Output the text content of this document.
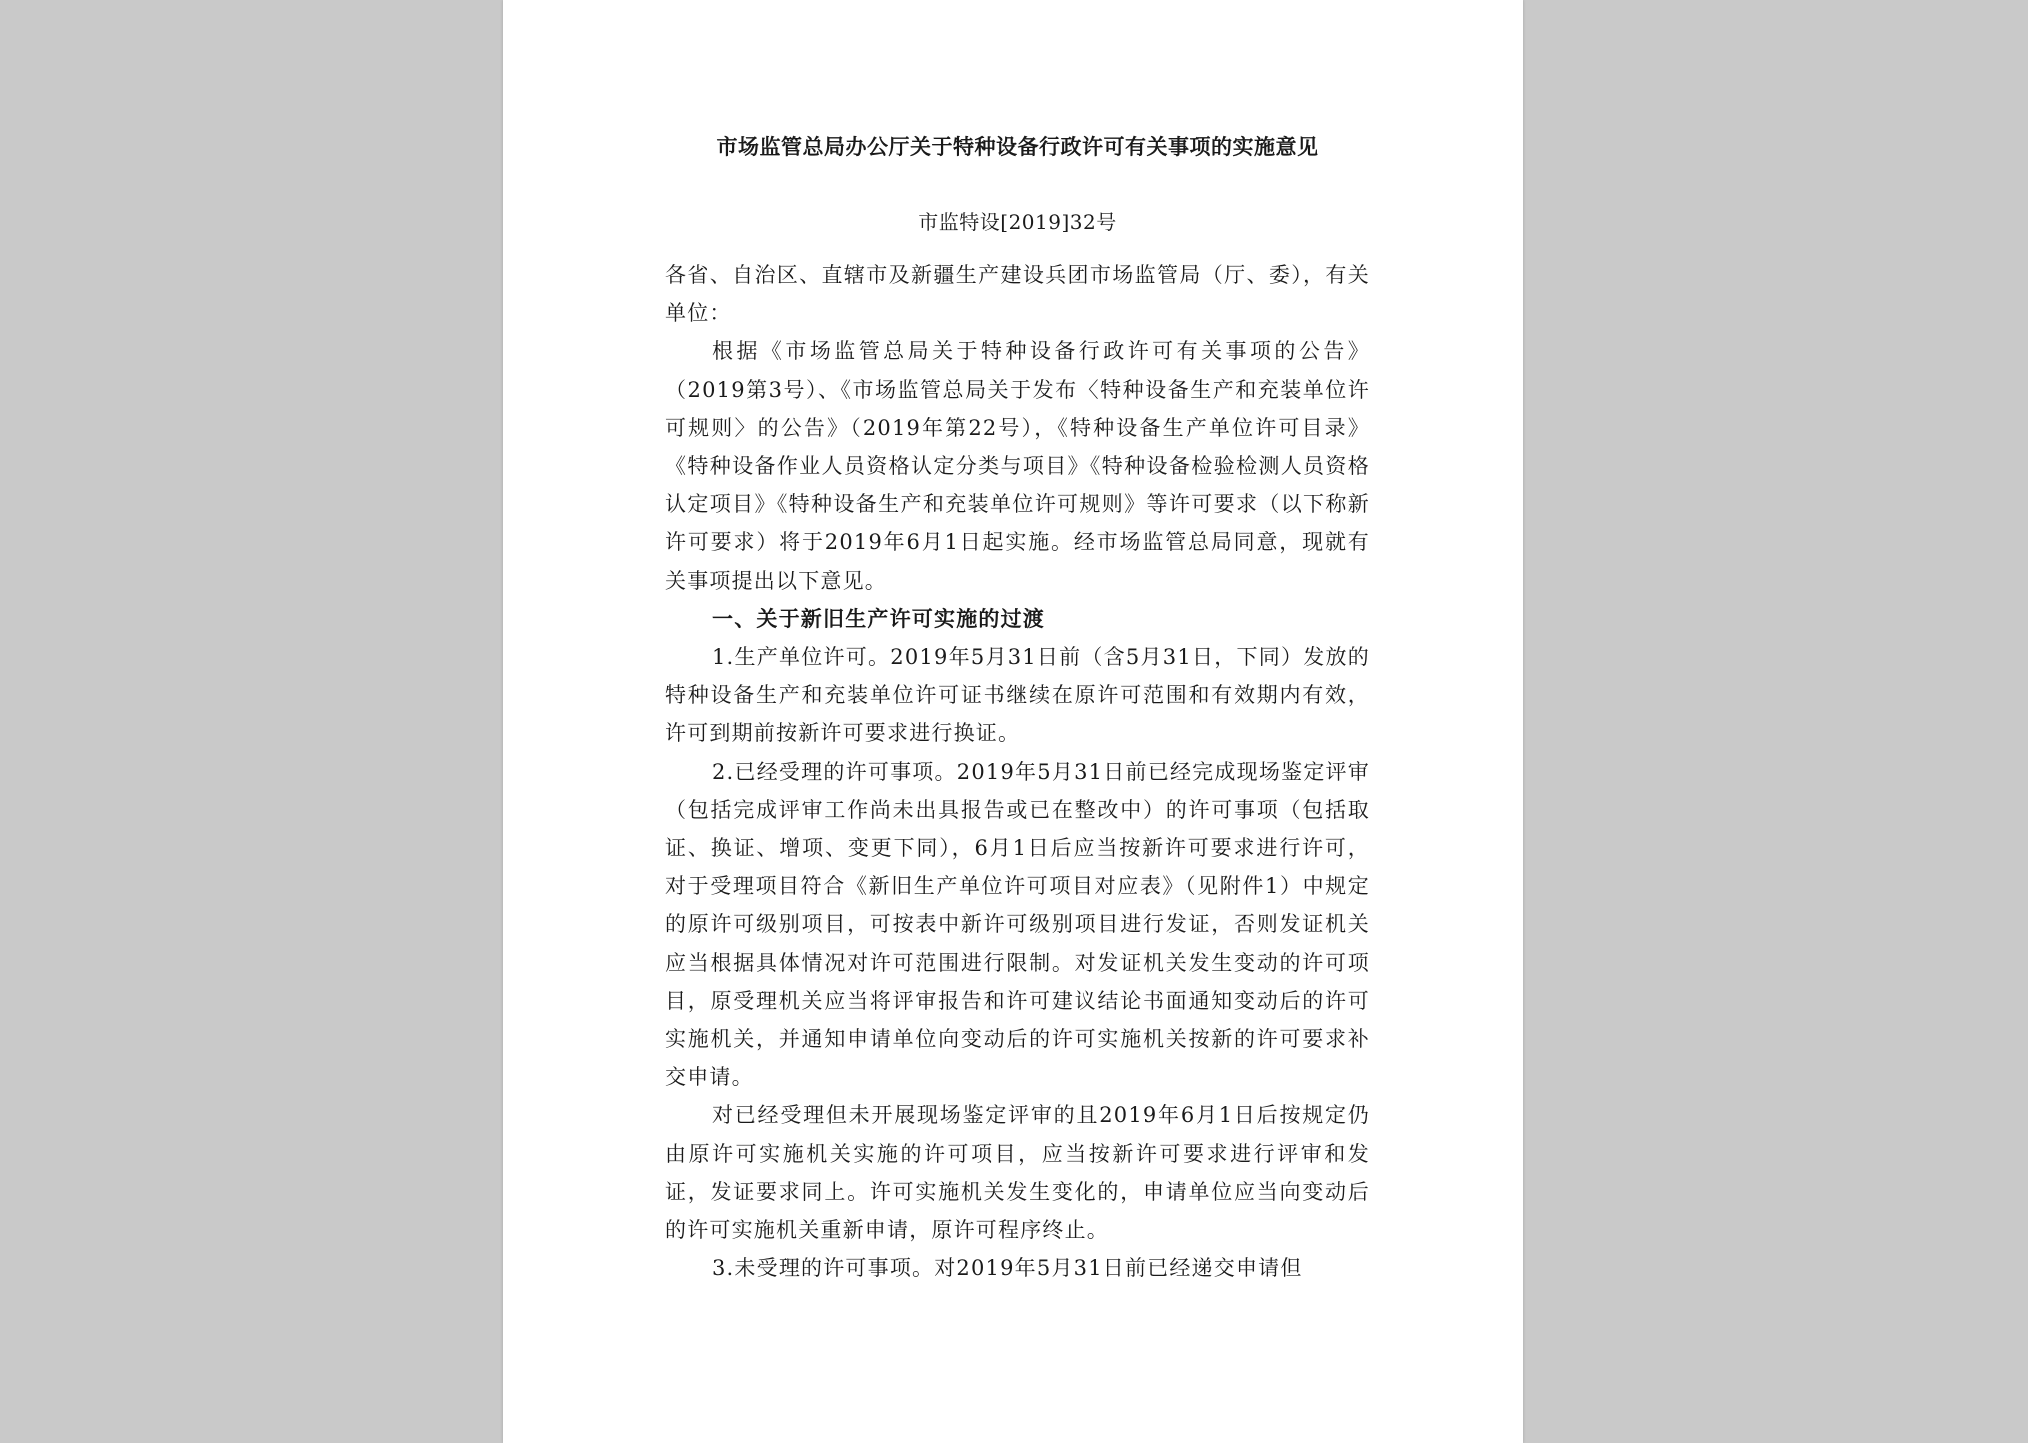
市场监管总局办公厅关于特种设备行政许可有关事项的实施意见
市监特设[2019]32号

各省、自治区、直辖市及新疆生产建设兵团市场监管局（厅、委），有关单位：

根据《市场监管总局关于特种设备行政许可有关事项的公告》（2019第3号）、《市场监管总局关于发布〈特种设备生产和充装单位许可规则〉的公告》（2019年第22号），《特种设备生产单位许可目录》《特种设备作业人员资格认定分类与项目》《特种设备检验检测人员资格认定项目》《特种设备生产和充装单位许可规则》等许可要求（以下称新许可要求）将于2019年6月1日起实施。经市场监管总局同意，现就有关事项提出以下意见。

一、关于新旧生产许可实施的过渡

1.生产单位许可。2019年5月31日前（含5月31日，下同）发放的特种设备生产和充装单位许可证书继续在原许可范围和有效期内有效，许可到期前按新许可要求进行换证。

2.已经受理的许可事项。2019年5月31日前已经完成现场鉴定评审（包括完成评审工作尚未出具报告或已在整改中）的许可事项（包括取证、换证、增项、变更下同），6月1日后应当按新许可要求进行许可，对于受理项目符合《新旧生产单位许可项目对应表》（见附件1）中规定的原许可级别项目，可按表中新许可级别项目进行发证，否则发证机关应当根据具体情况对许可范围进行限制。对发证机关发生变动的许可项目，原受理机关应当将评审报告和许可建议结论书面通知变动后的许可实施机关，并通知申请单位向变动后的许可实施机关按新的许可要求补交申请。

对已经受理但未开展现场鉴定评审的且2019年6月1日后按规定仍由原许可实施机关实施的许可项目，应当按新许可要求进行评审和发证，发证要求同上。许可实施机关发生变化的，申请单位应当向变动后的许可实施机关重新申请，原许可程序终止。

3.未受理的许可事项。对2019年5月31日前已经递交申请但
